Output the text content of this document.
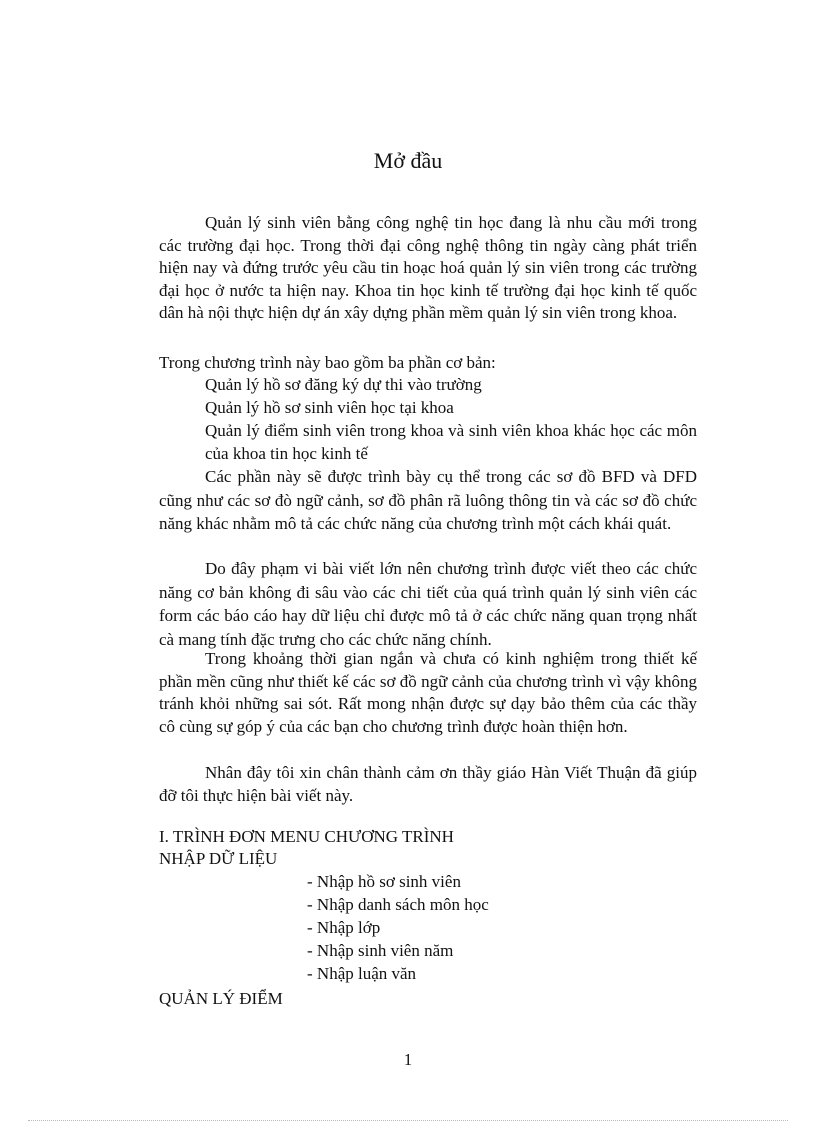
Mở đầu

Quản lý sinh viên bằng công nghệ tin học đang là nhu cầu mới trong các trường đại học. Trong thời đại công nghệ thông tin ngày càng phát triển hiện nay và đứng trước yêu cầu tin hoạc hoá quản lý sin viên trong các trường đại học ở nước ta hiện nay. Khoa tin học kinh tế trường đại học kinh tế quốc dân hà nội thực hiện dự án xây dựng phần mềm quản lý sin viên trong khoa.

Trong chương trình này bao gồm ba phần cơ bản:

Quản lý hồ sơ đăng ký dự thi vào trường

Quản lý hồ sơ sinh viên học tại khoa

Quản lý điểm sinh viên trong khoa và sinh viên khoa khác học các môn của khoa tin học kinh tế

Các phần này sẽ được trình bày cụ thể trong các sơ đồ BFD và DFD cũng như các sơ đò ngữ cảnh, sơ đồ phân rã luông thông tin và các sơ đồ chức năng khác nhằm mô tả các chức năng của chương trình một cách khái quát.

Do đây phạm vi bài viết lớn nên chương trình được viết theo các chức năng cơ bản không đi sâu vào các chi tiết của quá trình quản lý sinh viên các form các báo cáo hay dữ liệu chỉ được mô tả ở các chức năng quan trọng nhất cà mang tính đặc trưng cho các chức năng chính.

Trong khoảng thời gian ngắn và chưa có kinh nghiệm trong thiết kế phần mền cũng như thiết kế các sơ đồ ngữ cảnh của chương trình vì vậy không tránh khỏi những sai sót. Rất mong nhận được sự dạy bảo thêm của các thầy cô cùng sự góp ý của các bạn cho chương trình được hoàn thiện hơn.

Nhân đây tôi xin chân thành cảm ơn thầy giáo Hàn Viết Thuận đã giúp đỡ tôi thực hiện bài viết này.

I. TRÌNH ĐƠN MENU CHƯƠNG TRÌNH

NHẬP DỮ LIỆU

- Nhập hồ sơ sinh viên

- Nhập danh sách môn học

- Nhập lớp

- Nhập sinh viên năm

- Nhập luận văn

QUẢN LÝ ĐIỂM

1
